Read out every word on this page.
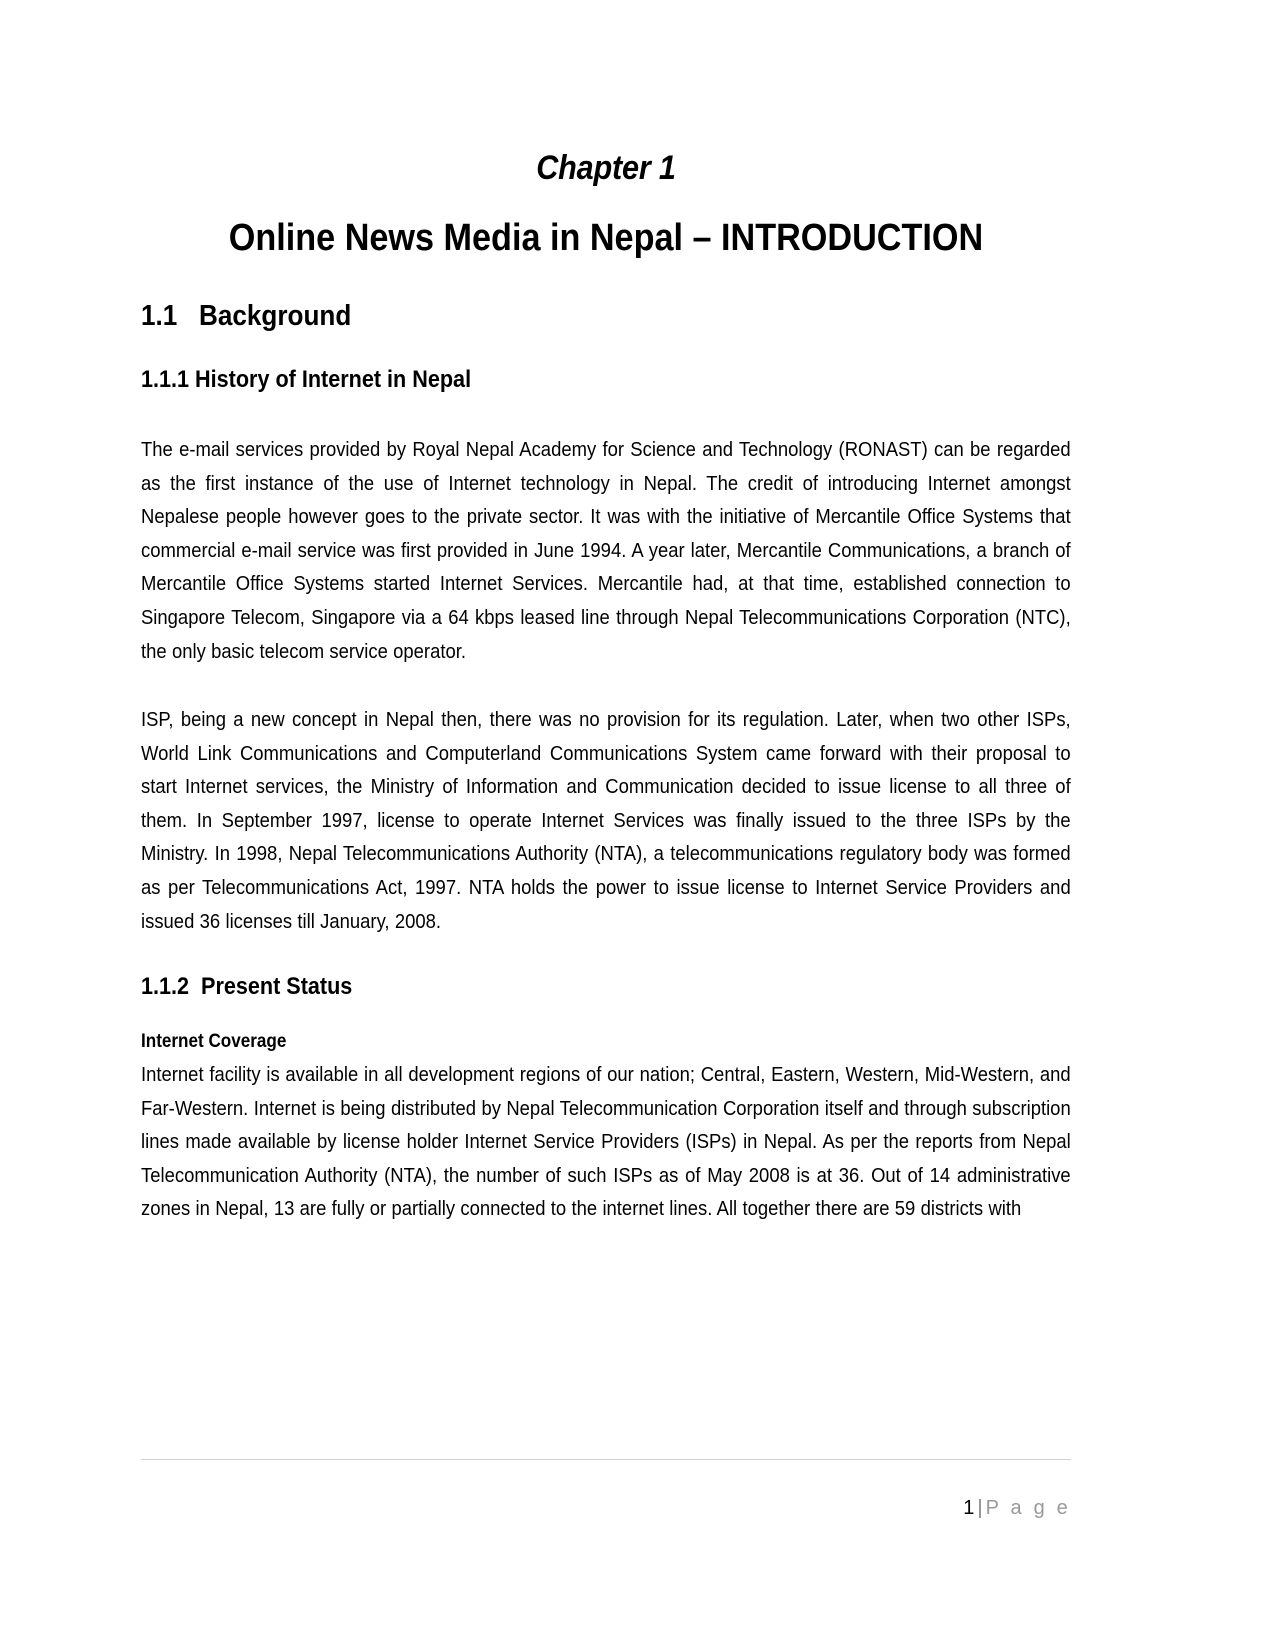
Chapter 1
Online News Media in Nepal – INTRODUCTION
1.1   Background
1.1.1 History of Internet in Nepal

The e-mail services provided by Royal Nepal Academy for Science and Technology (RONAST) can be regarded as the first instance of the use of Internet technology in Nepal. The credit of introducing Internet amongst Nepalese people however goes to the private sector. It was with the initiative of Mercantile Office Systems that commercial e-mail service was first provided in June 1994. A year later, Mercantile Communications, a branch of Mercantile Office Systems started Internet Services. Mercantile had, at that time, established connection to Singapore Telecom, Singapore via a 64 kbps leased line through Nepal Telecommunications Corporation (NTC), the only basic telecom service operator.

ISP, being a new concept in Nepal then, there was no provision for its regulation. Later, when two other ISPs, World Link Communications and Computerland Communications System came forward with their proposal to start Internet services, the Ministry of Information and Communication decided to issue license to all three of them. In September 1997, license to operate Internet Services was finally issued to the three ISPs by the Ministry. In 1998, Nepal Telecommunications Authority (NTA), a telecommunications regulatory body was formed as per Telecommunications Act, 1997. NTA holds the power to issue license to Internet Service Providers and issued 36 licenses till January, 2008.

1.1.2  Present Status

Internet Coverage

Internet facility is available in all development regions of our nation; Central, Eastern, Western, Mid-Western, and Far-Western. Internet is being distributed by Nepal Telecommunication Corporation itself and through subscription lines made available by license holder Internet Service Providers (ISPs) in Nepal. As per the reports from Nepal Telecommunication Authority (NTA), the number of such ISPs as of May 2008 is at 36. Out of 14 administrative zones in Nepal, 13 are fully or partially connected to the internet lines. All together there are 59 districts with

1 | P a g e
